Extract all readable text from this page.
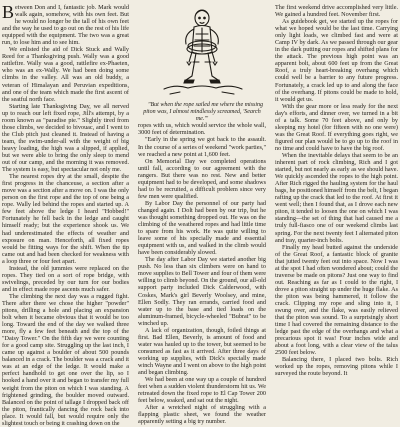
Between Don and I, fantastic job. Mark would walk again, somehow, with his own feet. But he would no longer be the tall of his own feet and the way he used to go out on the rest of his life equipped with the equipment. The two was a great run, to lose him and to see him.

We enlisted the aid of Dick Stuck and Wally Reed for a Thanksgiving push. Wally was a good rattlefire. Wally was a good, rattlefire ex-Phaeten, who was an ex-Wally. We had been doing some climbs in the valley. All was an old buddy, a veteran of Himalayan and Peruvian expeditions, and one of the team which made the first ascent of the seatful north face.

Starting late Thanksgiving Day, we all nerved up to reach our left fixed rope, Jill's attempt, by a room known as "paradise pie." Slightly tired from those climbs, we decided to bivouac, and I went to the Club pitch just cleaned it. Instead of having a team, the swim-under-all with the weight of big heavy loading, the high was a slipped, if applied, but we were able to bring the only sleep to mend out of our camp, and the morning it was removed. The system is easy, but spectacular not only me.

The nearest ropes dry at the small, despite the first progress in the chanceuse, a section after a move was a section after a move on. I was the only person on the first rope and the top of one being a rope. Wally led behind the ropes and started up. A few feet above the ledge I heard "Hobbed!" Fortunately he fell back in the ledge and caught himself ready; but the experience shook us. We had underestimated the effects of weather and exposure on man. Henceforth, all fixed ropes would be fitting ways for the shift. When the tip came out and had been checked for weakness with a loop three or four feet apart.

Instead, the old jummies were replaced on the ropes. They tied on a sort of rope bridge, with swivelings, preceded by our turn for our bodies and in effect made rope ascents much safer.

The climbing the next day was a rugged fight. There after there we chose the higher "powder" pitons, drilling a hole and placing an expansion bolt when it became obvious that it would be too long. Toward the end of the day we walked three more, fly a few feet beneath and the top of the "Daisy Tower." On the fifth day we were counting for a good camp site. Struggling up the last inch, I came up against a boulder of about 500 pounds balanced in a crack. The boulder was a crack and it was at an edge of the ledge. It would make a perfect handhold to get one over the lip, so I hooked a hand over it and began to transfer my full weight from the piton on which I was standing. A frightened grinding, the boulder moved outward. Balanced on the point of tallage I dropped back off the piton, frantically dancing the rock back into place. It would fall, but would require only the slightest touch or being it crashing down on the

"But when the rope sailed me where the missing piton was, I almost mindlessly screamed, 'Search me.'"

ropes with us, which would service the whole wall, 3000 feet of determination.

"Early in the spring we got back to the assault. In the course of a series of weekend "work parties," we reached a new point at 1,600 feet.

On Memorial Day we completed operations until fall, according to our agreement with the rangers. But there was no rest. New and better equipment had to be developed, and some shadows had to be recruited, a difficult problem since very few men were qualified.

By Labor Day the personnel of our party had changed again. I Dolt had been by our trip, but he was thought something dropped out. He was on the climbing of the weathered ropes and had little time to spare from his work. He was quite willing to leave some of his specially made and essential equipment with us, and walked in the climb would have been considerably slowed.

The day after Labor Day we started another big push. No less than six climbers were on hand to move supplies to Bell Tower and four of them were willing to climb beyond. On the ground, our all-old support party included Dick Calderwood, with Coskes, Mark's girl Beverly Woolsey, and mine, Ellen Sodly. They ran errands, carried food and water up to the base and tied loads on the aluminum-framed, bicycle-wheeled "Bubrat" to be winched up.

A lack of organization, though, foiled things at first. Bad Ellen, Beverly, is amount of food and water was hauled up to the tower, but seemed to be consumed as fast as it arrived. After three days of working up supplies, with Dick's specially made winch Wayne and I went on above to the high point and began climbing.

We had been at one way up a couple of hundred feet when a sudden violent thunderstorm hit us. We retreated down the fixed rope to El Cap Tower 200 feet below, soaked, and sat out the night.

After a wretched night of struggling with a flapping plastic sheet, we found the weather apparently setting a big try number.

The first weekend drive accomplished very little. We gained a hundred feet. November first.

As guidebook get, we started up the ropes for what we hoped would be the last time. Carrying only light loads, we climbed fast and were at Camp IV by dark. As we passed through our gear in the dark putting our ropes and shifted plans for the attack. The previous high point was an apparent bolt, about 600 feet up from the Great Roof, a truly heart-breaking overhang which could well be a barrier to any future progress. Fortunately, a crack led up to and along the face of the overhang. If pitons could be made to hold, it would get us.

With the gear more or less ready for the next day's efforts, and dinner over, we turned in a bit of a talk. Some 70 feet above, and only by sleeping my hotel (for fifteen with no one were) was the Great Roof. If everything goes right, we figured our plan would be to go up to the roof in no time and could have to have the big roof.

When the inevitable delays that seem to be an inherent part of rock climbing, Rich and I got started, but not nearly as early as we should have. We quickly ascended the ropes to the high point. After Rich rigged the hauling system for the haul bags, he positioned himself from the belt, I began rafting up the crack that led to the roof. At first it went well; then I found that, as I drove each new piton, it tended to loosen the one on which I was standing—the set of thing that had caused me a truly full-fiasco one of our weekend climbs last spring. For the next twenty feet I alternated piton and tray, quarter-inch bolts.

Finally my head butted against the underside of the Great Roof, a fantastic block of granite that jutted twenty feet out into space. Now I was at the spot I had often wondered about; could the traverse be made on pitons? Just one way to find out. Reaching as far as I could to the right, I drove a piton straight up under the huge flake. As the piton was being hammered, it follow the crack. Clipping my rope and sling into it, I swung over, and the flake, was easily relieved that the piton was sound. To a surprisingly short time I had covered the remaining distance to the ledge past the edge of the overhangs and what a precarious spot it was! Four inches wide and about a foot long, with a clear view of the talus 2500 feet below.

Balancing there, I placed two bolts. Rich worked up the ropes, removing pitons while I surveyed the route beyond. It
